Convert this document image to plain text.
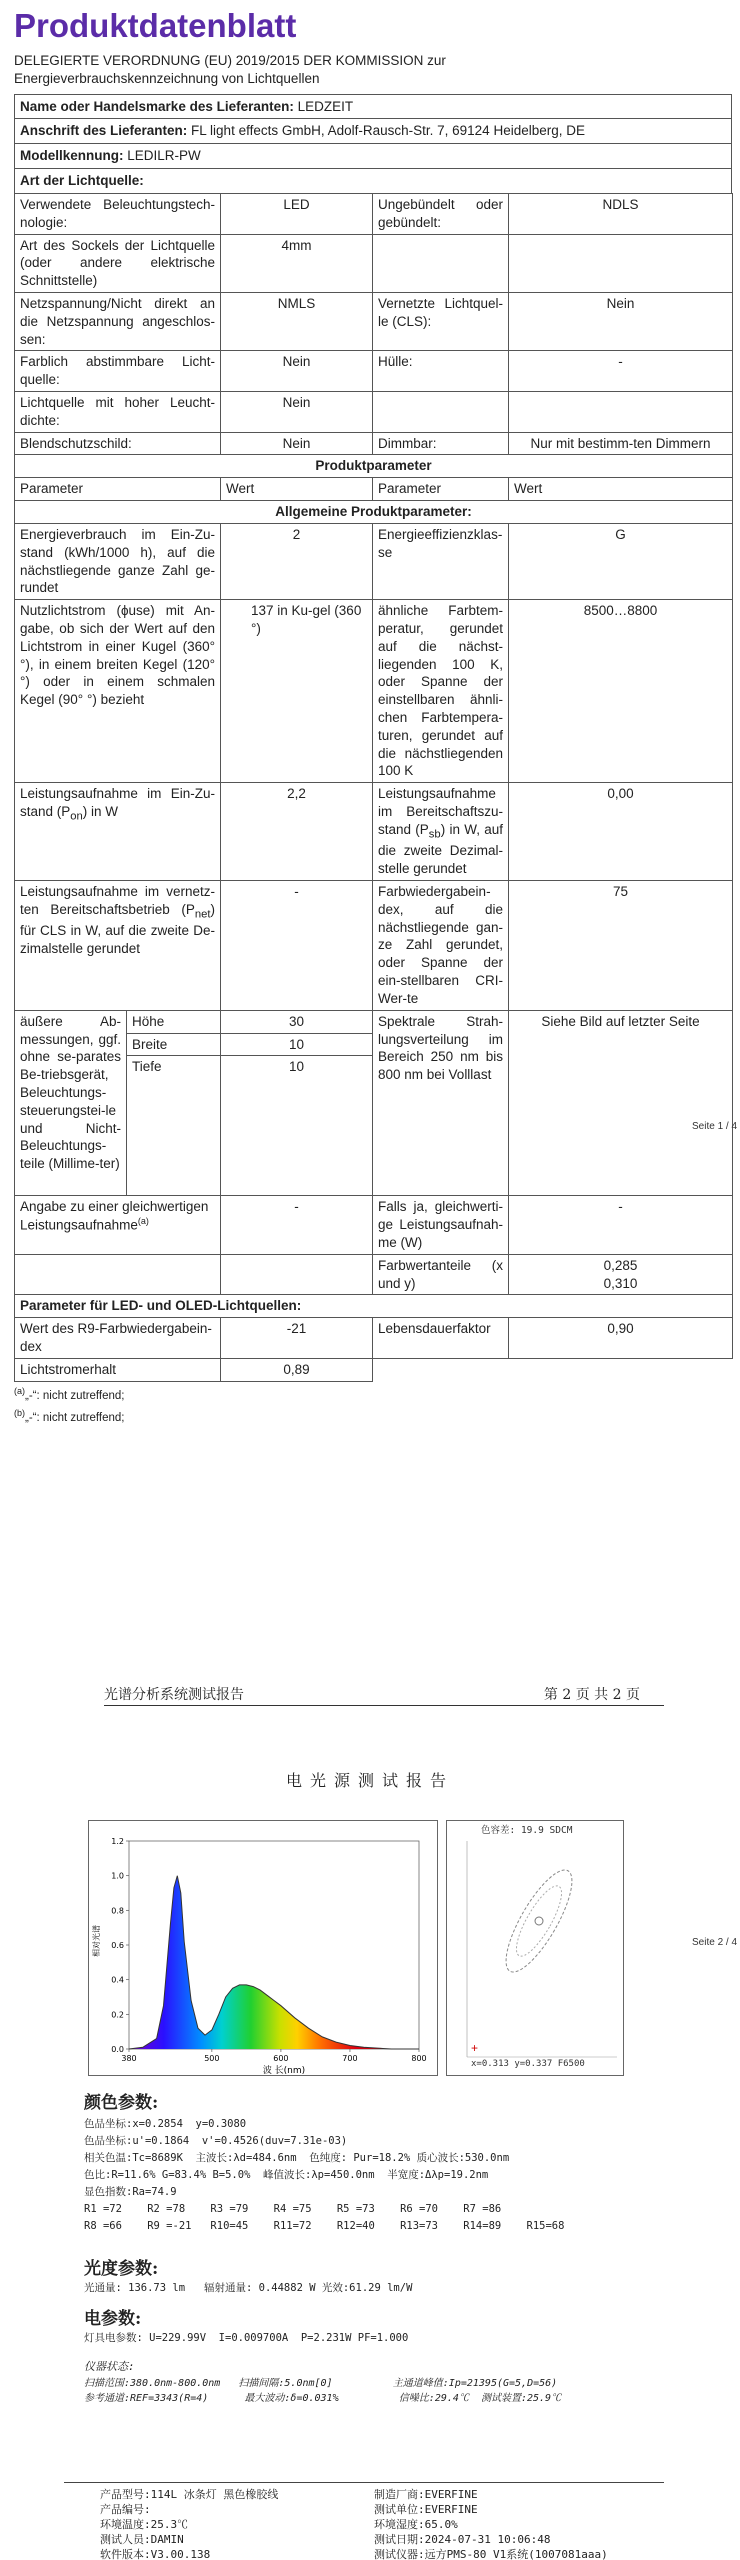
Produktdatenblatt
DELEGIERTE VERORDNUNG (EU) 2019/2015 DER KOMMISSION zur Energieverbrauchskennzeichnung von Lichtquellen
Name oder Handelsmarke des Lieferanten: LEDZEIT
Anschrift des Lieferanten: FL light effects GmbH, Adolf-Rausch-Str. 7, 69124 Heidelberg, DE
Modellkennung: LEDILR-PW
Art der Lichtquelle:
Verwendete Beleuchtungstech-nologie:	LED	Ungebündelt oder gebündelt:	NDLS
Art des Sockels der Lichtquelle (oder andere elektrische Schnittstelle)	4mm		
Netzspannung/Nicht direkt an die Netzspannung angeschlos-sen:	NMLS	Vernetzte Lichtquel-le (CLS):	Nein
Farblich abstimmbare Licht-quelle:	Nein	Hülle:	-
Lichtquelle mit hoher Leucht-dichte:	Nein		
Blendschutzschild:	Nein	Dimmbar:	Nur mit bestimm-ten Dimmern
Produktparameter			
Parameter	Wert	Parameter	Wert
Allgemeine Produktparameter:			
Energieverbrauch im Ein-Zu-stand (kWh/1000 h), auf die nächstliegende ganze Zahl ge-rundet	2	Energieeffizienzklas-se	G
Nutzlichtstrom (ϕuse) mit An-gabe, ob sich der Wert auf den Lichtstrom in einer Kugel (360° °), in einem breiten Kegel (120° °) oder in einem schmalen Kegel (90° °) bezieht	137 in Ku-gel (360 °)	ähnliche Farbtem-peratur, gerundet auf die nächst-liegenden 100 K, oder Spanne der einstellbaren ähnli-chen Farbtempera-turen, gerundet auf die nächstliegenden 100 K	8500…8800
Leistungsaufnahme im Ein-Zu-stand $(P_{on})$ in W	2,2	Leistungsaufnahme im Bereitschaftszu-stand $(P_{sb})$ in W, auf die zweite Dezimal-stelle gerundet	0,00
Leistungsaufnahme im vernetz-ten Bereitschaftsbetrieb $(P_{net})$ für CLS in W, auf die zweite De-zimalstelle gerundet	-	Farbwiedergabein-dex, auf die nächstliegende gan-ze Zahl gerundet, oder Spanne der ein-stellbaren CRI-Wer-te	75
äußere Ab-messungen, ggf. ohne se-parates Be-triebsgerät, Beleuchtungs-steuerungstei-le und Nicht-Beleuchtungs-teile (Millime-ter)	Höhe	30	Spektrale Strah-lungsverteilung im Bereich 250 nm bis 800 nm bei Volllast	Siehe Bild auf letzter Seite
	Breite	10		
	Tiefe	10		
Angabe zu einer gleichwertigen Leistungsaufnahme$^{(a)}$	-	Falls ja, gleichwerti-ge Leistungsaufnah-me (W)	-
		Farbwertanteile (x und y)	0,285
0,310

Parameter für LED- und OLED-Lichtquellen:			
Wert des R9-Farbwiedergabein-dex	-21	Lebensdauerfaktor	0,90
Lichtstromerhalt	0,89		
$^{(a)}$„-“: nicht zutreffend;
$^{(b)}$„-“: nicht zutreffend;
Seite 1 / 4
光谱分析系统测试报告	第 2 页 共 2 页
电光源测试报告
0.0
0.2
0.4
0.6
0.8
1.0
1.2
380	500	600	700	800
波 长(nm)
相对光谱
色容差: 19.9 SDCM
+
x=0.313 y=0.337 F6500
颜色参数:
色品坐标:x=0.2854  y=0.3080
色品坐标:u'=0.1864  v'=0.4526(duv=7.31e-03)
相关色温:Tc=8689K  主波长:λd=484.6nm  色纯度: Pur=18.2% 质心波长:530.0nm
色比:R=11.6% G=83.4% B=5.0%  峰值波长:λp=450.0nm  半宽度:Δλp=19.2nm
显色指数:Ra=74.9
R1 =72    R2 =78    R3 =79    R4 =75    R5 =73    R6 =70    R7 =86
R8 =66    R9 =-21   R10=45    R11=72    R12=40    R13=73    R14=89    R15=68
光度参数:
光通量: 136.73 lm   辐射通量: 0.44882 W 光效:61.29 lm/W
电参数:
灯具电参数: U=229.99V  I=0.009700A  P=2.231W PF=1.000
仪器状态:
扫描范围:380.0nm-800.0nm   扫描间隔:5.0nm[0]          主通道峰值:Ip=21395(G=5,D=56)
参考通道:REF=3343(R=4)      最大波动:δ=0.031%          信噪比:29.4℃  测试装置:25.9℃
产品型号:114L 冰条灯 黑色橡胶线
产品编号:
环境温度:25.3℃
测试人员:DAMIN
软件版本:V3.00.138
制造厂商:EVERFINE
测试单位:EVERFINE
环境湿度:65.0%
测试日期:2024-07-31 10:06:48
测试仪器:远方PMS-80_V1系统(1007081aaa)
Seite 2 / 4
